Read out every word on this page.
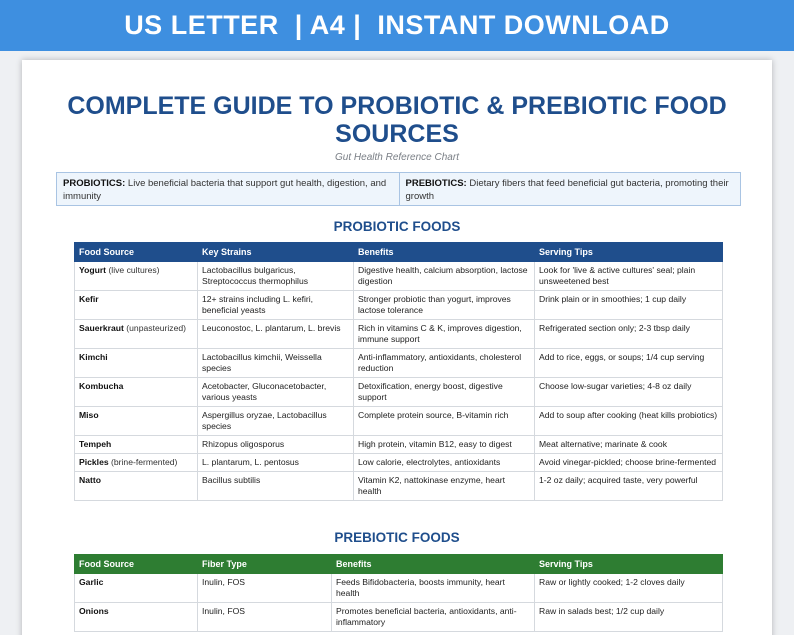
US LETTER  | A4 |  INSTANT DOWNLOAD
COMPLETE GUIDE TO PROBIOTIC & PREBIOTIC FOOD SOURCES
Gut Health Reference Chart
PROBIOTICS: Live beneficial bacteria that support gut health, digestion, and immunity
PREBIOTICS: Dietary fibers that feed beneficial gut bacteria, promoting their growth
PROBIOTIC FOODS
Food Source	Key Strains	Benefits	Serving Tips
Yogurt (live cultures)	Lactobacillus bulgaricus, Streptococcus thermophilus	Digestive health, calcium absorption, lactose digestion	Look for 'live & active cultures' seal; plain unsweetened best
Kefir	12+ strains including L. kefiri, beneficial yeasts	Stronger probiotic than yogurt, improves lactose tolerance	Drink plain or in smoothies; 1 cup daily
Sauerkraut (unpasteurized)	Leuconostoc, L. plantarum, L. brevis	Rich in vitamins C & K, improves digestion, immune support	Refrigerated section only; 2-3 tbsp daily
Kimchi	Lactobacillus kimchii, Weissella species	Anti-inflammatory, antioxidants, cholesterol reduction	Add to rice, eggs, or soups; 1/4 cup serving
Kombucha	Acetobacter, Gluconacetobacter, various yeasts	Detoxification, energy boost, digestive support	Choose low-sugar varieties; 4-8 oz daily
Miso	Aspergillus oryzae, Lactobacillus species	Complete protein source, B-vitamin rich	Add to soup after cooking (heat kills probiotics)
Tempeh	Rhizopus oligosporus	High protein, vitamin B12, easy to digest	Meat alternative; marinate & cook
Pickles (brine-fermented)	L. plantarum, L. pentosus	Low calorie, electrolytes, antioxidants	Avoid vinegar-pickled; choose brine-fermented
Natto	Bacillus subtilis	Vitamin K2, nattokinase enzyme, heart health	1-2 oz daily; acquired taste, very powerful
PREBIOTIC FOODS
Food Source	Fiber Type	Benefits	Serving Tips
Garlic	Inulin, FOS	Feeds Bifidobacteria, boosts immunity, heart health	Raw or lightly cooked; 1-2 cloves daily
Onions	Inulin, FOS	Promotes beneficial bacteria, antioxidants, anti-inflammatory	Raw in salads best; 1/2 cup daily
